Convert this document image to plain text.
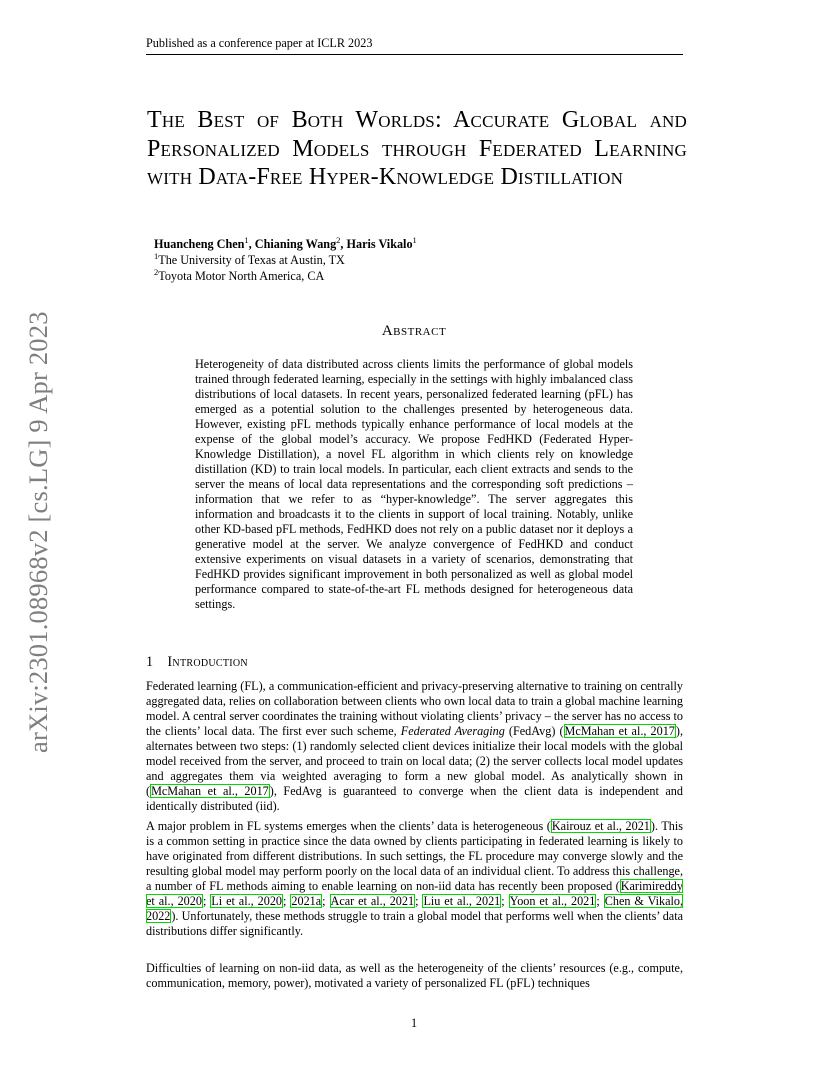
Published as a conference paper at ICLR 2023
arXiv:2301.08968v2 [cs.LG] 9 Apr 2023
The Best of Both Worlds: Accurate Global and Personalized Models through Federated Learning with Data-Free Hyper-Knowledge Distillation
Huancheng Chen$^1$, Chianing Wang$^2$, Haris Vikalo$^1$
$^1$The University of Texas at Austin, TX
$^2$Toyota Motor North America, CA
Abstract
Heterogeneity of data distributed across clients limits the performance of global models trained through federated learning, especially in the settings with highly imbalanced class distributions of local datasets. In recent years, personalized federated learning (pFL) has emerged as a potential solution to the challenges presented by heterogeneous data. However, existing pFL methods typically enhance performance of local models at the expense of the global model’s accuracy. We propose FedHKD (Federated Hyper-Knowledge Distillation), a novel FL algorithm in which clients rely on knowledge distillation (KD) to train local models. In particular, each client extracts and sends to the server the means of local data representations and the corresponding soft predictions – information that we refer to as “hyper-knowledge”. The server aggregates this information and broadcasts it to the clients in support of local training. Notably, unlike other KD-based pFL methods, FedHKD does not rely on a public dataset nor it deploys a generative model at the server. We analyze convergence of FedHKD and conduct extensive experiments on visual datasets in a variety of scenarios, demonstrating that FedHKD provides significant improvement in both personalized as well as global model performance compared to state-of-the-art FL methods designed for heterogeneous data settings.
1 Introduction
Federated learning (FL), a communication-efficient and privacy-preserving alternative to training on centrally aggregated data, relies on collaboration between clients who own local data to train a global machine learning model. A central server coordinates the training without violating clients’ privacy – the server has no access to the clients’ local data. The first ever such scheme, Federated Averaging (FedAvg) (McMahan et al., 2017), alternates between two steps: (1) randomly selected client devices initialize their local models with the global model received from the server, and proceed to train on local data; (2) the server collects local model updates and aggregates them via weighted averaging to form a new global model. As analytically shown in (McMahan et al., 2017), FedAvg is guaranteed to converge when the client data is independent and identically distributed (iid).
A major problem in FL systems emerges when the clients’ data is heterogeneous (Kairouz et al., 2021). This is a common setting in practice since the data owned by clients participating in federated learning is likely to have originated from different distributions. In such settings, the FL procedure may converge slowly and the resulting global model may perform poorly on the local data of an individual client. To address this challenge, a number of FL methods aiming to enable learning on non-iid data has recently been proposed (Karimireddy et al., 2020; Li et al., 2020; 2021a; Acar et al., 2021; Liu et al., 2021; Yoon et al., 2021; Chen & Vikalo, 2022). Unfortunately, these methods struggle to train a global model that performs well when the clients’ data distributions differ significantly.
Difficulties of learning on non-iid data, as well as the heterogeneity of the clients’ resources (e.g., compute, communication, memory, power), motivated a variety of personalized FL (pFL) techniques
1
